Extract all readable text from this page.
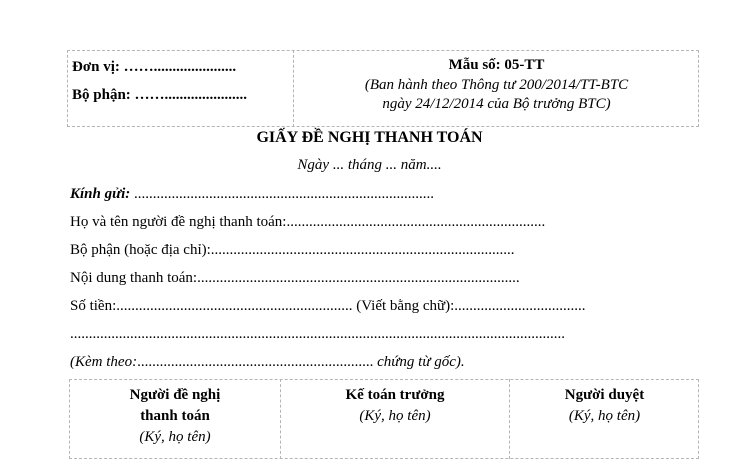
Đơn vị: ……......................
Bộ phận: ……......................
Mẫu số: 05-TT
(Ban hành theo Thông tư 200/2014/TT-BTC
ngày 24/12/2014 của Bộ trưởng BTC)
GIẤY ĐỀ NGHỊ THANH TOÁN
Ngày ... tháng ... năm....
Kính gửi: ................................................................................
Họ và tên người đề nghị thanh toán:.....................................................................
Bộ phận (hoặc địa chỉ):.................................................................................
Nội dung thanh toán:......................................................................................
Số tiền:............................................................... (Viết bằng chữ):...................................
....................................................................................................................................
(Kèm theo:............................................................... chứng từ gốc).
Người đề nghị
thanh toán
(Ký, họ tên)
Kế toán trưởng
(Ký, họ tên)
Người duyệt
(Ký, họ tên)
